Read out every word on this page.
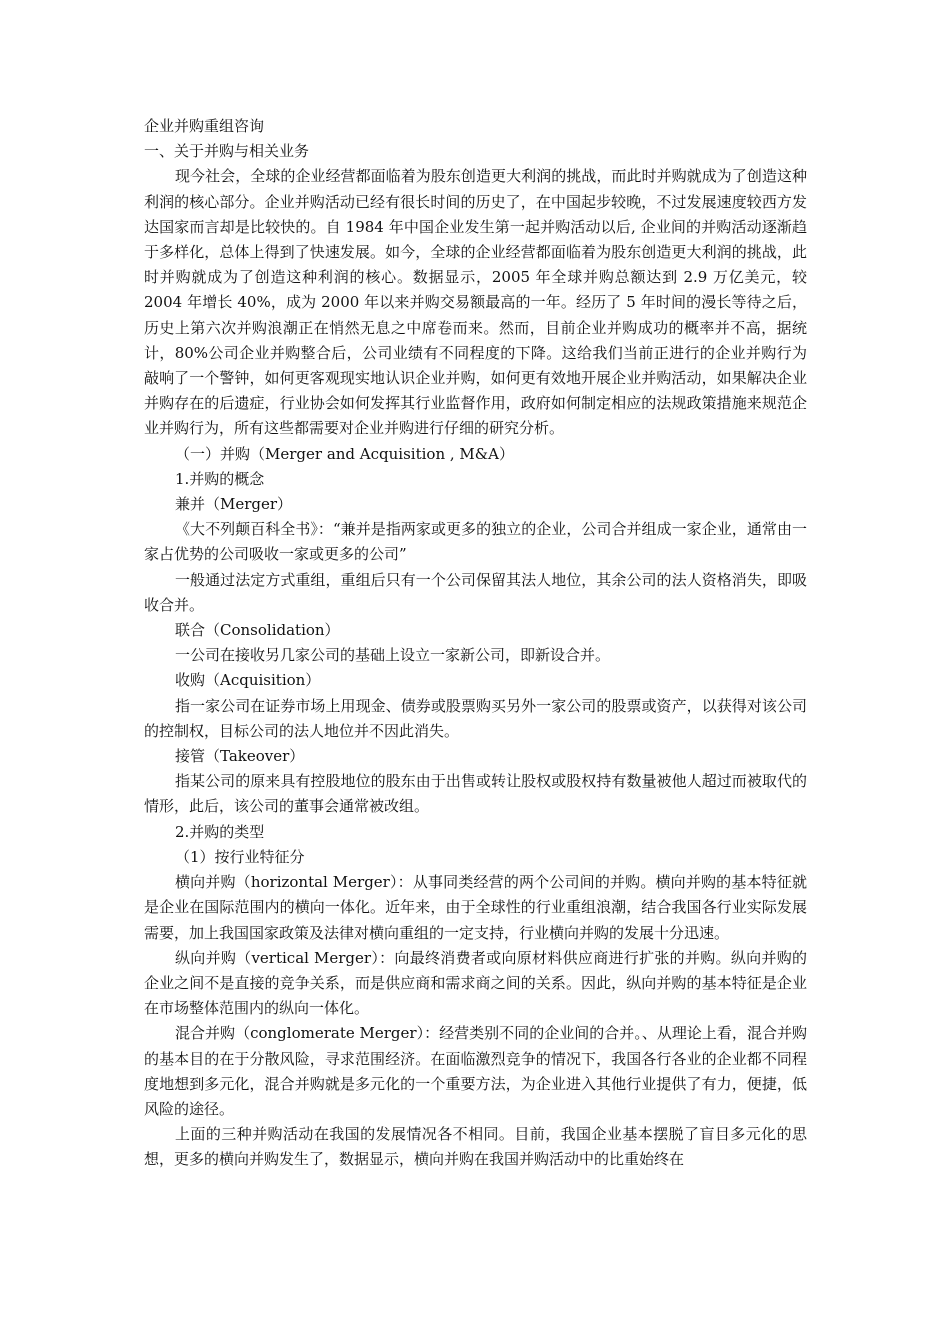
企业并购重组咨询

一、关于并购与相关业务

现今社会，全球的企业经营都面临着为股东创造更大利润的挑战，而此时并购就成为了创造这种利润的核心部分。企业并购活动已经有很长时间的历史了，在中国起步较晚，不过发展速度较西方发达国家而言却是比较快的。自 1984 年中国企业发生第一起并购活动以后, 企业间的并购活动逐渐趋于多样化，总体上得到了快速发展。如今，全球的企业经营都面临着为股东创造更大利润的挑战，此时并购就成为了创造这种利润的核心。数据显示，2005 年全球并购总额达到 2.9 万亿美元，较 2004 年增长 40%，成为 2000 年以来并购交易额最高的一年。经历了 5 年时间的漫长等待之后，历史上第六次并购浪潮正在悄然无息之中席卷而来。然而，目前企业并购成功的概率并不高，据统计，80%公司企业并购整合后，公司业绩有不同程度的下降。这给我们当前正进行的企业并购行为敲响了一个警钟，如何更客观现实地认识企业并购，如何更有效地开展企业并购活动，如果解决企业并购存在的后遗症，行业协会如何发挥其行业监督作用，政府如何制定相应的法规政策措施来规范企业并购行为，所有这些都需要对企业并购进行仔细的研究分析。

（一）并购（Merger and Acquisition , M&A）

1.并购的概念

兼并（Merger）

《大不列颠百科全书》：“兼并是指两家或更多的独立的企业，公司合并组成一家企业，通常由一家占优势的公司吸收一家或更多的公司”

一般通过法定方式重组，重组后只有一个公司保留其法人地位，其余公司的法人资格消失，即吸收合并。

联合（Consolidation）

一公司在接收另几家公司的基础上设立一家新公司，即新设合并。

收购（Acquisition）

指一家公司在证券市场上用现金、债券或股票购买另外一家公司的股票或资产，以获得对该公司的控制权，目标公司的法人地位并不因此消失。

接管（Takeover）

指某公司的原来具有控股地位的股东由于出售或转让股权或股权持有数量被他人超过而被取代的情形，此后，该公司的董事会通常被改组。

2.并购的类型

（1）按行业特征分

横向并购（horizontal Merger）：从事同类经营的两个公司间的并购。横向并购的基本特征就是企业在国际范围内的横向一体化。近年来，由于全球性的行业重组浪潮，结合我国各行业实际发展需要，加上我国国家政策及法律对横向重组的一定支持，行业横向并购的发展十分迅速。

纵向并购（vertical Merger）：向最终消费者或向原材料供应商进行扩张的并购。纵向并购的企业之间不是直接的竞争关系，而是供应商和需求商之间的关系。因此，纵向并购的基本特征是企业在市场整体范围内的纵向一体化。

混合并购（conglomerate Merger）：经营类别不同的企业间的合并。、从理论上看，混合并购的基本目的在于分散风险，寻求范围经济。在面临激烈竞争的情况下，我国各行各业的企业都不同程度地想到多元化，混合并购就是多元化的一个重要方法，为企业进入其他行业提供了有力，便捷，低风险的途径。

上面的三种并购活动在我国的发展情况各不相同。目前，我国企业基本摆脱了盲目多元化的思想，更多的横向并购发生了，数据显示，横向并购在我国并购活动中的比重始终在
